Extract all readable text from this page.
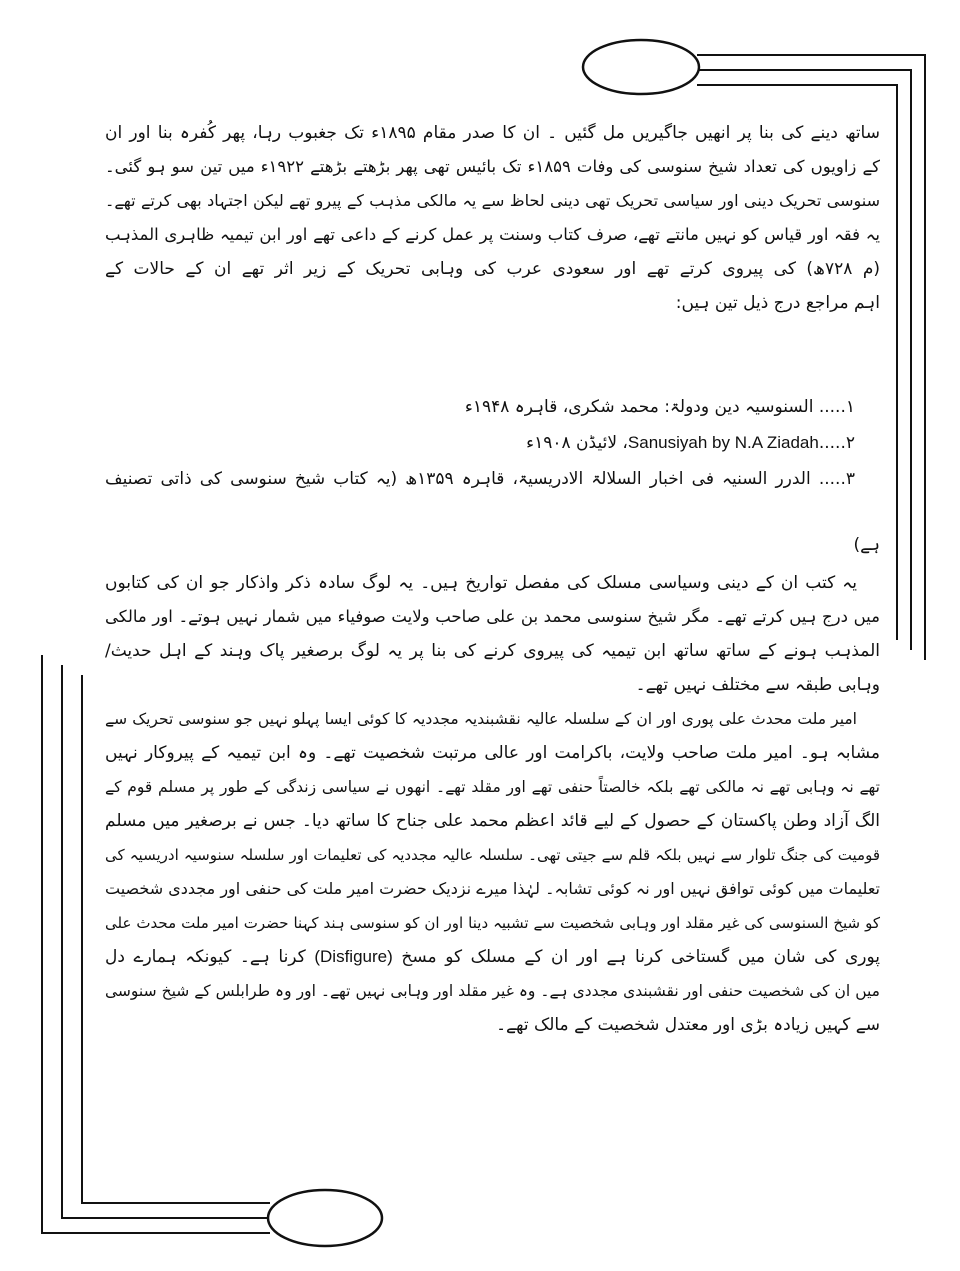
ساتھ دینے کی بنا پر انھیں جاگیریں مل گئیں ۔ ان کا صدر مقام ۱۸۹۵ء تک جغبوب رہا، پھر کُفرہ بنا اور ان
کے زاویوں کی تعداد شیخ سنوسی کی وفات ۱۸۵۹ء تک بائیس تھی پھر بڑھتے بڑھتے ۱۹۲۲ء میں تین سو ہو گئی۔
سنوسی تحریک دینی اور سیاسی تحریک تھی دینی لحاظ سے یہ مالکی مذہب کے پیرو تھے لیکن اجتہاد بھی کرتے تھے۔
یہ فقہ اور قیاس کو نہیں مانتے تھے، صرف کتاب وسنت پر عمل کرنے کے داعی تھے اور ابن تیمیہ ظاہری المذہب
(م ۷۲۸ھ) کی پیروی کرتے تھے اور سعودی عرب کی وہابی تحریک کے زیر اثر تھے ان کے حالات کے
اہم مراجع درج ذیل تین ہیں:
۱..... السنوسیہ دین ودولۃ: محمد شکری، قاہرہ ۱۹۴۸ء
۲.....Sanusiyah by N.A Ziadah، لائیڈن ۱۹۰۸ء
۳..... الدرر السنیہ فی اخبار السلالۃ الادریسیۃ، قاہرہ ۱۳۵۹ھ (یہ کتاب شیخ سنوسی کی ذاتی تصنیف
ہے)
یہ کتب ان کے دینی وسیاسی مسلک کی مفصل تواریخ ہیں۔ یہ لوگ سادہ ذکر واذکار جو ان کی کتابوں
میں درج ہیں کرتے تھے۔ مگر شیخ سنوسی محمد بن علی صاحب ولایت صوفیاء میں شمار نہیں ہوتے۔ اور مالکی
المذہب ہونے کے ساتھ ساتھ ابن تیمیہ کی پیروی کرنے کی بنا پر یہ لوگ برصغیر پاک وہند کے اہل حدیث/
وہابی طبقہ سے مختلف نہیں تھے۔
امیر ملت محدث علی پوری اور ان کے سلسلہ عالیہ نقشبندیہ مجددیہ کا کوئی ایسا پہلو نہیں جو سنوسی تحریک سے
مشابہ ہو۔ امیر ملت صاحب ولایت، باکرامت اور عالی مرتبت شخصیت تھے۔ وہ ابن تیمیہ کے پیروکار نہیں
تھے نہ وہابی تھے نہ مالکی تھے بلکہ خالصتاً حنفی تھے اور مقلد تھے۔ انھوں نے سیاسی زندگی کے طور پر مسلم قوم کے
الگ آزاد وطن پاکستان کے حصول کے لیے قائد اعظم محمد علی جناح کا ساتھ دیا۔ جس نے برصغیر میں مسلم
قومیت کی جنگ تلوار سے نہیں بلکہ قلم سے جیتی تھی۔ سلسلہ عالیہ مجددیہ کی تعلیمات اور سلسلہ سنوسیہ ادریسیہ کی
تعلیمات میں کوئی توافق نہیں اور نہ کوئی تشابہ۔ لہٰذا میرے نزدیک حضرت امیر ملت کی حنفی اور مجددی شخصیت
کو شیخ السنوسی کی غیر مقلد اور وہابی شخصیت سے تشبیہ دینا اور ان کو سنوسی ہند کہنا حضرت امیر ملت محدث علی
پوری کی شان میں گستاخی کرنا ہے اور ان کے مسلک کو مسخ (Disfigure) کرنا ہے۔ کیونکہ ہمارے دل
میں ان کی شخصیت حنفی اور نقشبندی مجددی ہے۔ وہ غیر مقلد اور وہابی نہیں تھے۔ اور وہ طرابلس کے شیخ سنوسی
سے کہیں زیادہ بڑی اور معتدل شخصیت کے مالک تھے۔
